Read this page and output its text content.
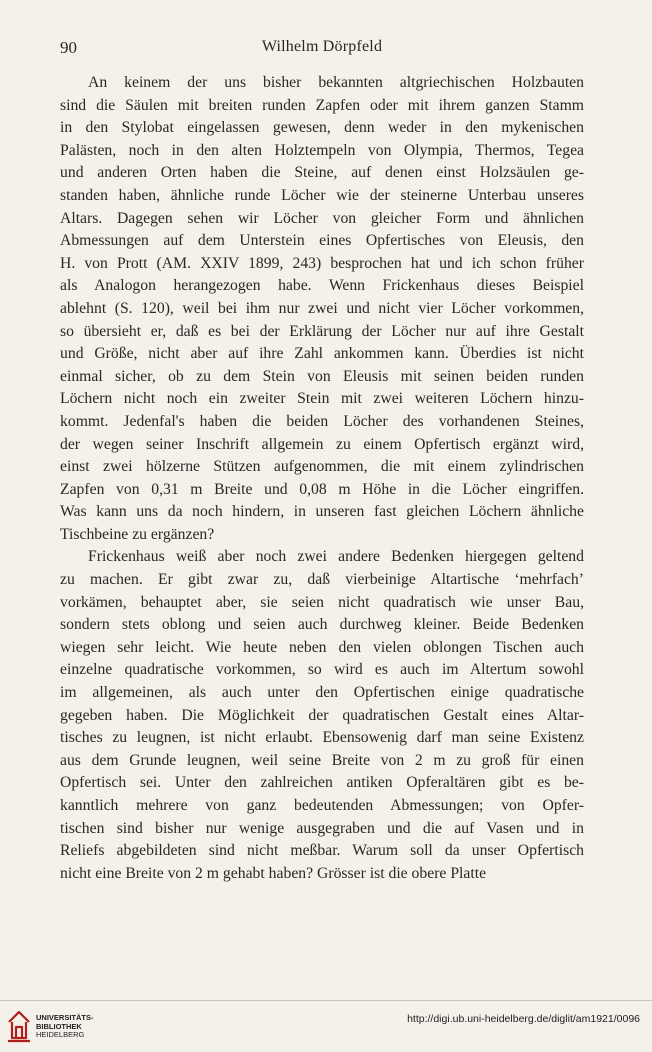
90	Wilhelm Dörpfeld
An keinem der uns bisher bekannten altgriechischen Holzbauten
sind die Säulen mit breiten runden Zapfen oder mit ihrem ganzen Stamm
in den Stylobat eingelassen gewesen, denn weder in den mykenischen
Palästen, noch in den alten Holztempeln von Olympia, Thermos, Tegea
und anderen Orten haben die Steine, auf denen einst Holzsäulen ge-
standen haben, ähnliche runde Löcher wie der steinerne Unterbau unseres
Altars. Dagegen sehen wir Löcher von gleicher Form und ähnlichen
Abmessungen auf dem Unterstein eines Opfertisches von Eleusis, den
H. von Prott (AM. XXIV 1899, 243) besprochen hat und ich schon früher
als Analogon herangezogen habe. Wenn Frickenhaus dieses Beispiel
ablehnt (S. 120), weil bei ihm nur zwei und nicht vier Löcher vorkommen,
so übersieht er, daß es bei der Erklärung der Löcher nur auf ihre Gestalt
und Größe, nicht aber auf ihre Zahl ankommen kann. Überdies ist nicht
einmal sicher, ob zu dem Stein von Eleusis mit seinen beiden runden
Löchern nicht noch ein zweiter Stein mit zwei weiteren Löchern hinzu-
kommt. Jedenfal's haben die beiden Löcher des vorhandenen Steines,
der wegen seiner Inschrift allgemein zu einem Opfertisch ergänzt wird,
einst zwei hölzerne Stützen aufgenommen, die mit einem zylindrischen
Zapfen von 0,31 m Breite und 0,08 m Höhe in die Löcher eingriffen.
Was kann uns da noch hindern, in unseren fast gleichen Löchern ähnliche
Tischbeine zu ergänzen?
Frickenhaus weiß aber noch zwei andere Bedenken hiergegen geltend
zu machen. Er gibt zwar zu, daß vierbeinige Altartische ‘mehrfach’
vorkämen, behauptet aber, sie seien nicht quadratisch wie unser Bau,
sondern stets oblong und seien auch durchweg kleiner. Beide Bedenken
wiegen sehr leicht. Wie heute neben den vielen oblongen Tischen auch
einzelne quadratische vorkommen, so wird es auch im Altertum sowohl
im allgemeinen, als auch unter den Opfertischen einige quadratische
gegeben haben. Die Möglichkeit der quadratischen Gestalt eines Altar-
tisches zu leugnen, ist nicht erlaubt. Ebensowenig darf man seine Existenz
aus dem Grunde leugnen, weil seine Breite von 2 m zu groß für einen
Opfertisch sei. Unter den zahlreichen antiken Opferaltären gibt es be-
kanntlich mehrere von ganz bedeutenden Abmessungen; von Opfer-
tischen sind bisher nur wenige ausgegraben und die auf Vasen und in
Reliefs abgebildeten sind nicht meßbar. Warum soll da unser Opfertisch
nicht eine Breite von 2 m gehabt haben? Grösser ist die obere Platte
UNIVERSITÄTS-
BIBLIOTHEK
HEIDELBERG
http://digi.ub.uni-heidelberg.de/diglit/am1921/0096
